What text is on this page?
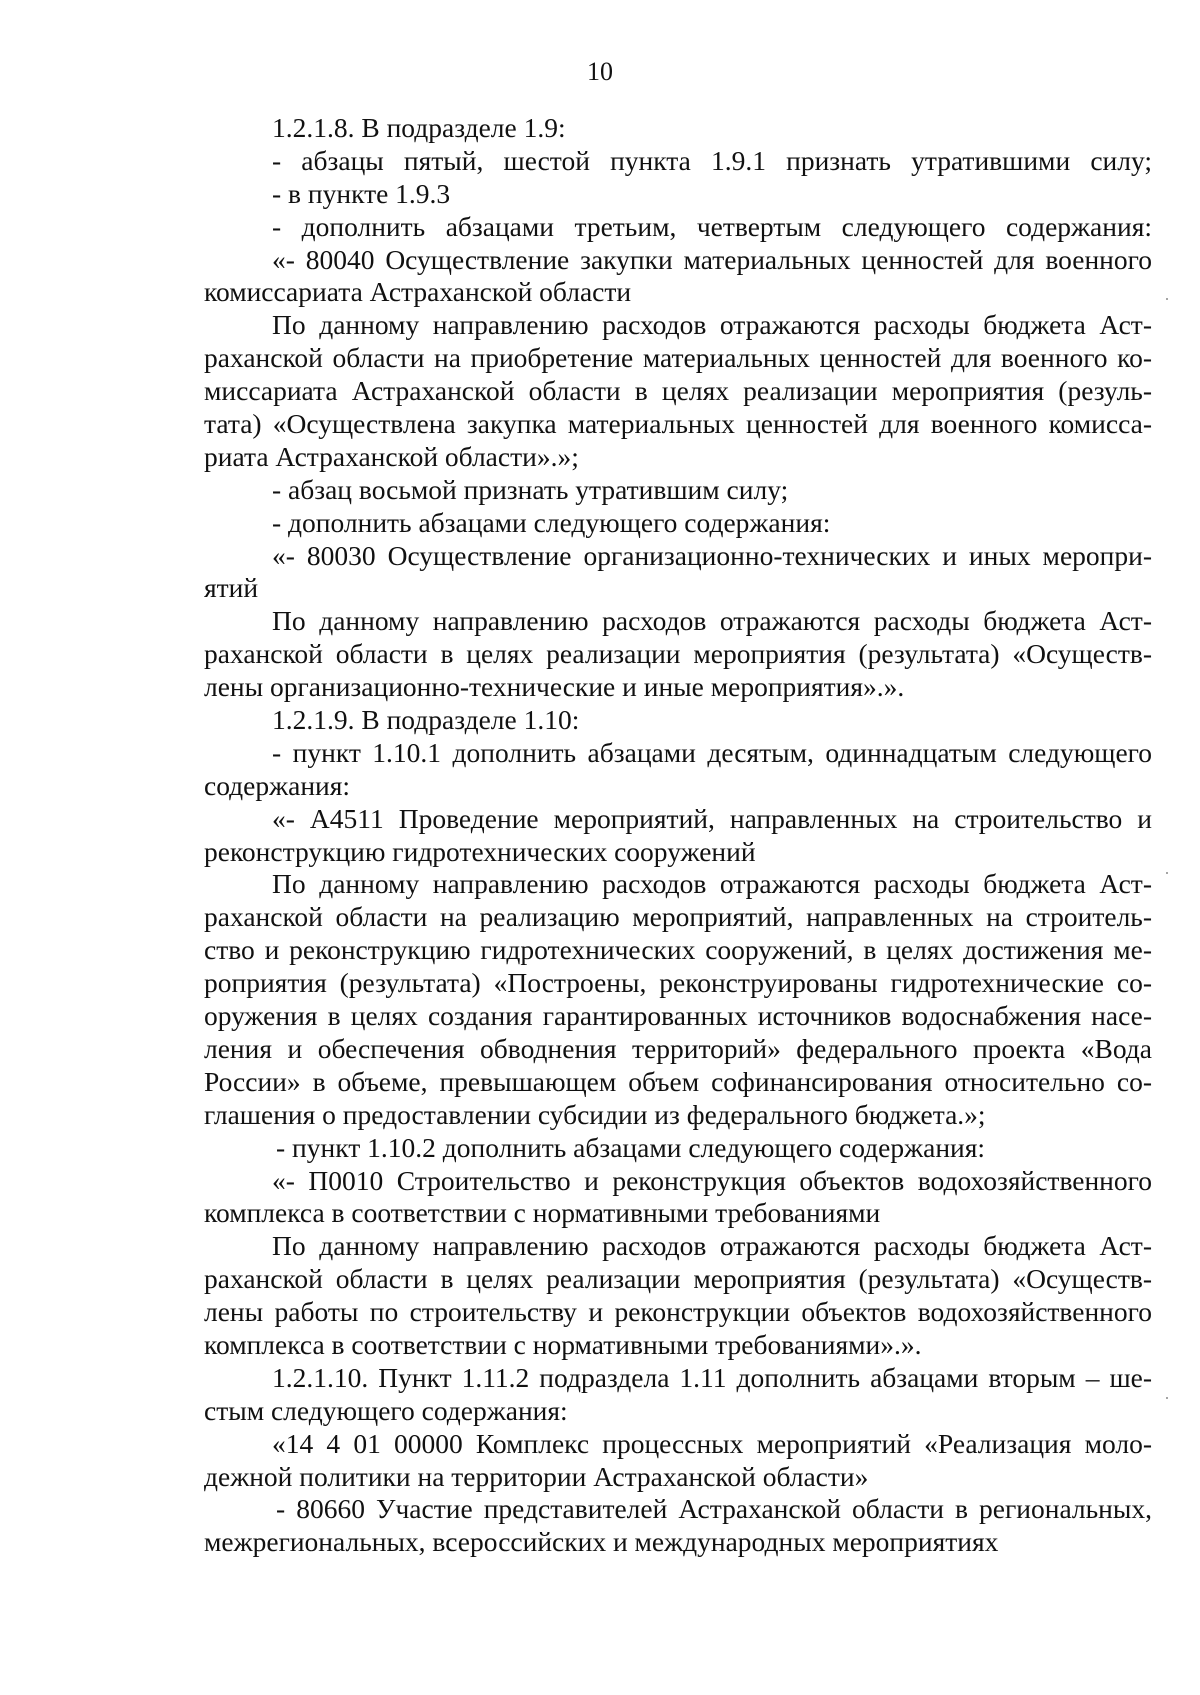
10
1.2.1.8. В подразделе 1.9:
- абзацы пятый, шестой пункта 1.9.1 признать утратившими силу;
- в пункте 1.9.3
- дополнить абзацами третьим, четвертым следующего содержания:
«- 80040 Осуществление закупки материальных ценностей для военного
комиссариата Астраханской области
По данному направлению расходов отражаются расходы бюджета Аст-
раханской области на приобретение материальных ценностей для военного ко-
миссариата Астраханской области в целях реализации мероприятия (резуль-
тата) «Осуществлена закупка материальных ценностей для военного комисса-
риата Астраханской области».»;
- абзац восьмой признать утратившим силу;
- дополнить абзацами следующего содержания:
«- 80030 Осуществление организационно-технических и иных меропри-
ятий
По данному направлению расходов отражаются расходы бюджета Аст-
раханской области в целях реализации мероприятия (результата) «Осуществ-
лены организационно-технические и иные мероприятия».».
1.2.1.9. В подразделе 1.10:
- пункт 1.10.1 дополнить абзацами десятым, одиннадцатым следующего
содержания:
«- А4511 Проведение мероприятий, направленных на строительство и
реконструкцию гидротехнических сооружений
По данному направлению расходов отражаются расходы бюджета Аст-
раханской области на реализацию мероприятий, направленных на строитель-
ство и реконструкцию гидротехнических сооружений, в целях достижения ме-
роприятия (результата) «Построены, реконструированы гидротехнические со-
оружения в целях создания гарантированных источников водоснабжения насе-
ления и обеспечения обводнения территорий» федерального проекта «Вода
России» в объеме, превышающем объем софинансирования относительно со-
глашения о предоставлении субсидии из федерального бюджета.»;
- пункт 1.10.2 дополнить абзацами следующего содержания:
«- П0010 Строительство и реконструкция объектов водохозяйственного
комплекса в соответствии с нормативными требованиями
По данному направлению расходов отражаются расходы бюджета Аст-
раханской области в целях реализации мероприятия (результата) «Осуществ-
лены работы по строительству и реконструкции объектов водохозяйственного
комплекса в соответствии с нормативными требованиями».».
1.2.1.10. Пункт 1.11.2 подраздела 1.11 дополнить абзацами вторым – ше-
стым следующего содержания:
«14 4 01 00000 Комплекс процессных мероприятий «Реализация моло-
дежной политики на территории Астраханской области»
- 80660 Участие представителей Астраханской области в региональных,
межрегиональных, всероссийских и международных мероприятиях
